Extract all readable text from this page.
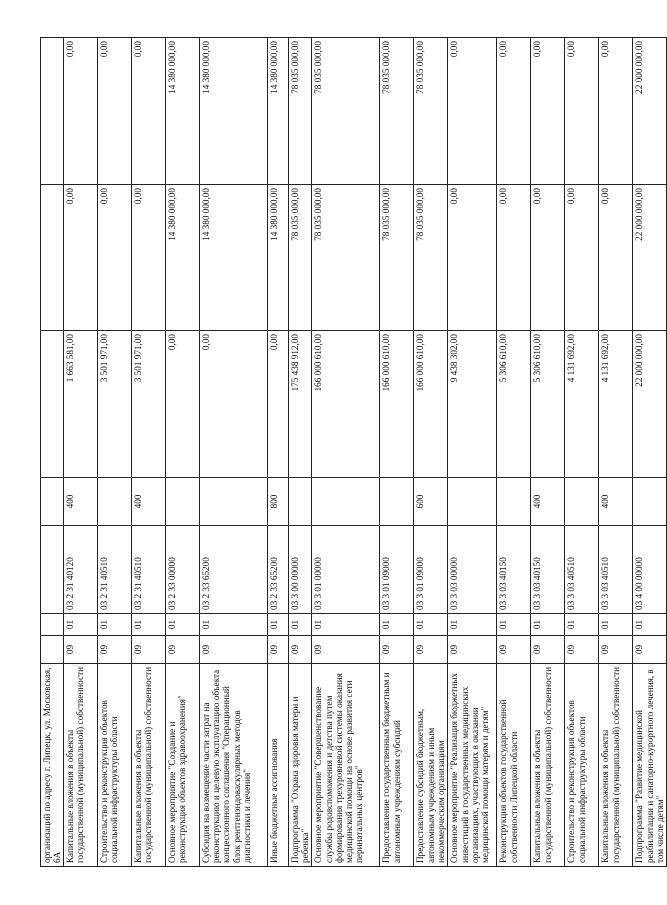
организаций по адресу г. Липецк, ул. Московская, 6А							
Капитальные вложения в объекты государственной (муниципальной) собственности	09	01	03 2 31 40120	400	1 663 581,00	0,00	0,00
Строительство и реконструкция объектов социальной инфраструктуры области	09	01	03 2 31 40510		3 501 971,00	0,00	0,00
Капитальные вложения в объекты государственной (муниципальной) собственности	09	01	03 2 31 40510	400	3 501 971,00	0,00	0,00
Основное мероприятие "Создание и реконструкция объектов здравоохранения"	09	01	03 2 33 00000		0,00	14 380 000,00	14 380 000,00
Субсидия на возмещение части затрат на реконструкцию и целевую эксплуатацию объекта концессионного соглашения "Операционный блок рентгенэндоваскулярных методов диагностики и лечения"	09	01	03 2 33 65200		0,00	14 380 000,00	14 380 000,00
Иные бюджетные ассигнования	09	01	03 2 33 65200	800	0,00	14 380 000,00	14 380 000,00
Подпрограмма "Охрана здоровья матери и ребенка"	09	01	03 3 00 00000		175 438 912,00	78 035 000,00	78 035 000,00
Основное мероприятие "Совершенствование службы родовспоможения и детства путем формирования трехуровневой системы оказания медицинской помощи на основе развития сети перинатальных центров"	09	01	03 3 01 00000		166 000 610,00	78 035 000,00	78 035 000,00
Предоставление государственным бюджетным и автономным учреждениям субсидий	09	01	03 3 01 09000		166 000 610,00	78 035 000,00	78 035 000,00
Предоставление субсидий бюджетным, автономным учреждениям и иным некоммерческим организациям	09	01	03 3 01 09000	600	166 000 610,00	78 035 000,00	78 035 000,00
Основное мероприятие "Реализация бюджетных инвестиций в государственных медицинских организациях, участвующих в оказании медицинской помощи матерям и детям"	09	01	03 3 03 00000		9 438 302,00	0,00	0,00
Реконструкция объектов государственной собственности Липецкой области	09	01	03 3 03 40150		5 306 610,00	0,00	0,00
Капитальные вложения в объекты государственной (муниципальной) собственности	09	01	03 3 03 40150	400	5 306 610,00	0,00	0,00
Строительство и реконструкция объектов социальной инфраструктуры области	09	01	03 3 03 40510		4 131 692,00	0,00	0,00
Капитальные вложения в объекты государственной (муниципальной) собственности	09	01	03 3 03 40510	400	4 131 692,00	0,00	0,00
Подпрограмма "Развитие медицинской реабилитации и санаторно-курортного лечения, в том числе детям"	09	01	03 4 00 00000		22 000 000,00	22 000 000,00	22 000 000,00
